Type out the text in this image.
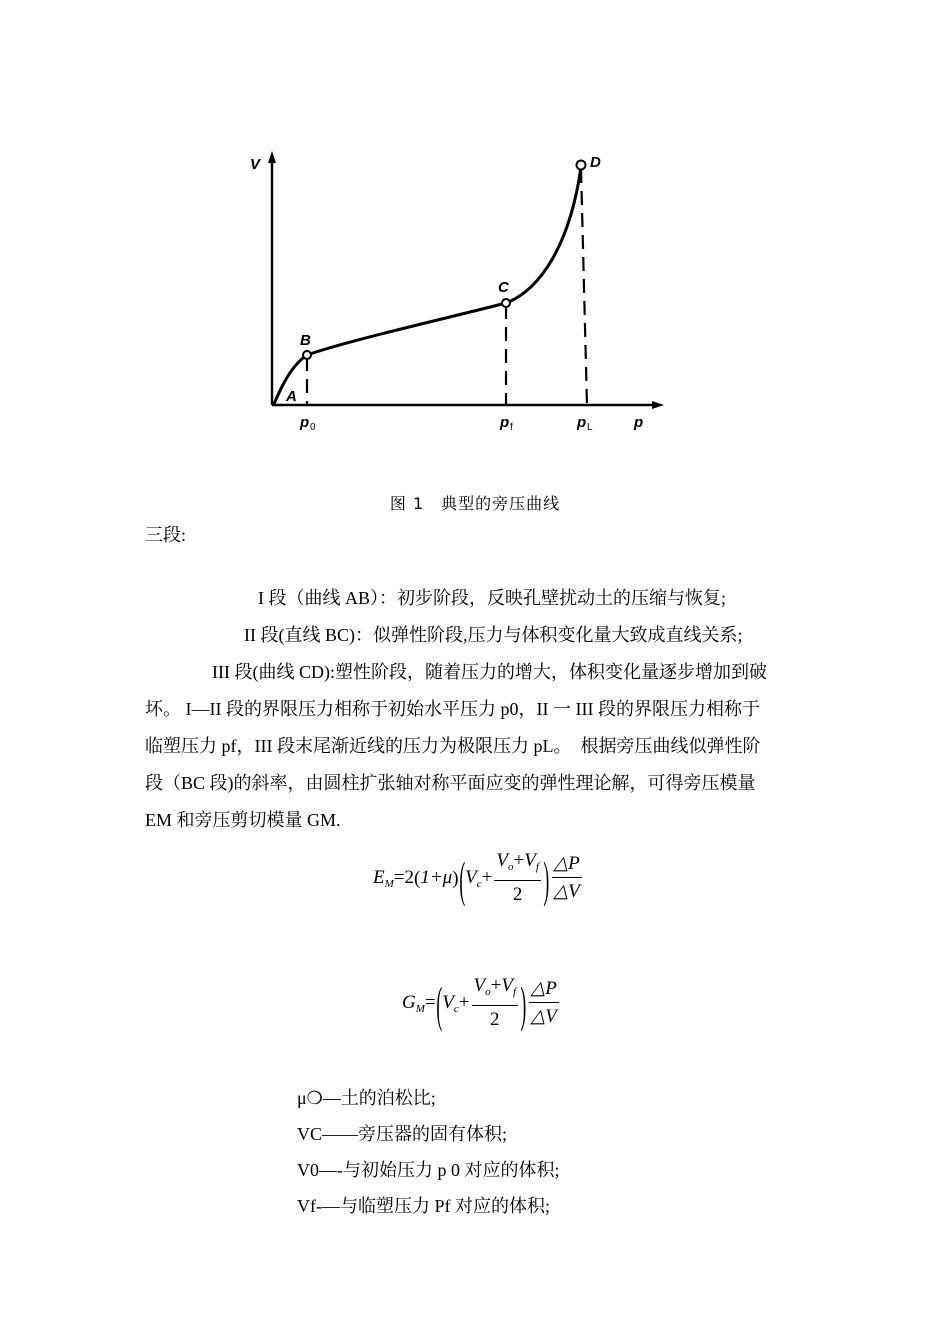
V
A
B
C
D
p
p 0	p f	p L
图 1　典型的旁压曲线
三段:
I 段（曲线 AB）：初步阶段，反映孔壁扰动土的压缩与恢复;
II 段(直线 BC)：似弹性阶段,压力与体积变化量大致成直线关系;
III 段(曲线 CD):塑性阶段，随着压力的增大，体积变化量逐步增加到破
坏。 I—II 段的界限压力相称于初始水平压力 p0，II 一 III 段的界限压力相称于
临塑压力 pf，III 段末尾渐近线的压力为极限压力 pL。　根据旁压曲线似弹性阶
段（BC 段)的斜率，由圆柱扩张轴对称平面应变的弹性理论解，可得旁压模量
EM 和旁压剪切模量 GM.
$E_M=2(1+\mu)(V_c+ \frac{V_o+V_f}{2}$ ) $\frac{\triangle P}{\triangle V}$
$G_M=(V_c+ \frac{V_o+V_f}{2}$ ) $\frac{\triangle P}{\triangle V}$
μ❍—土的泊松比;
VC——旁压器的固有体积;
V0—-与初始压力 p 0 对应的体积;
Vf-—与临塑压力 Pf 对应的体积;
